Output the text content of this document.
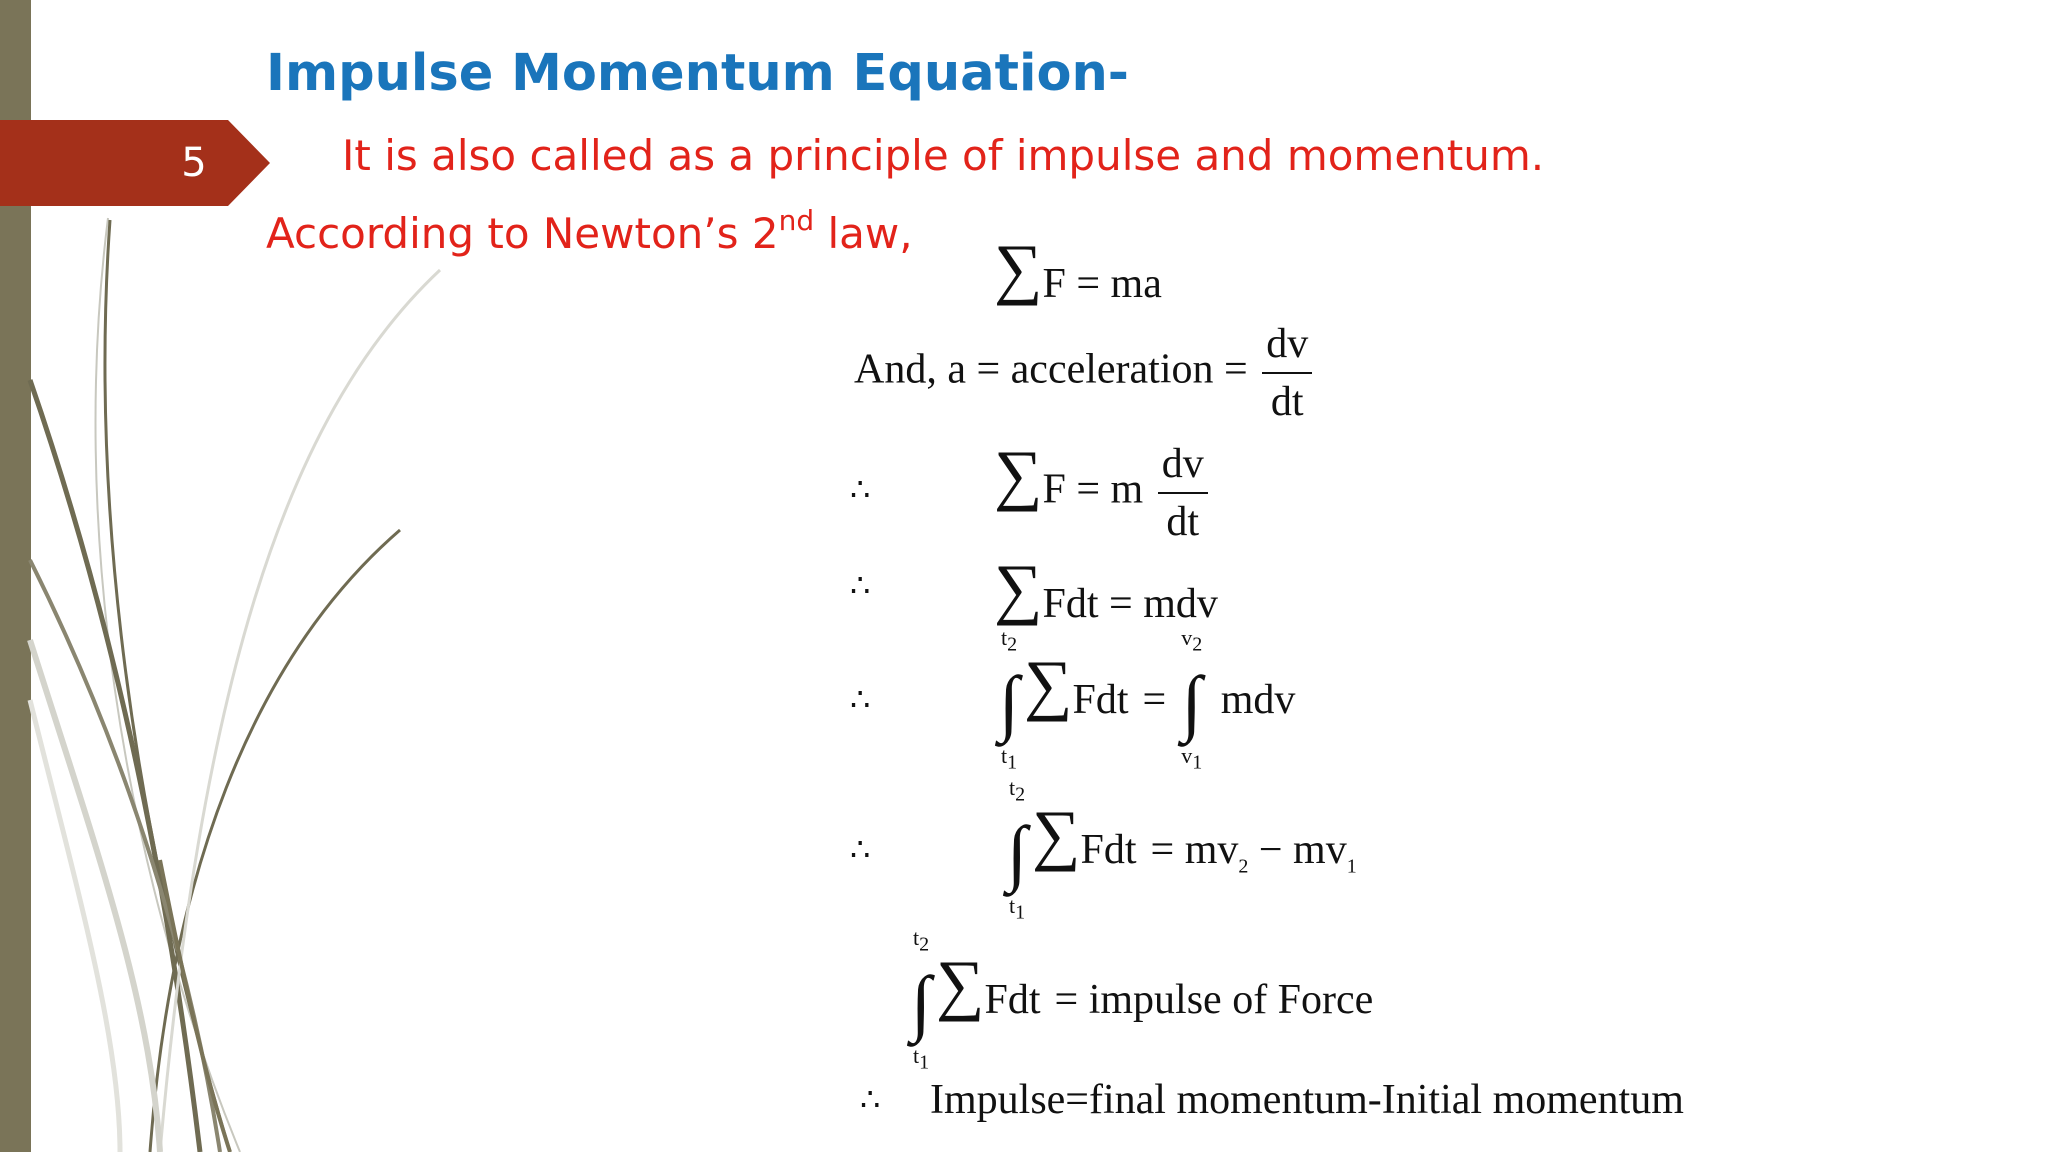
5
Impulse Momentum Equation-
It is also called as a principle of impulse and momentum.
According to Newton’s 2nd law, ∑F = ma
And, a = acceleration = $\frac{dv}{dt}$
∴ ∑F = m $\frac{dv}{dt}$
∴ ∑Fdt = mdv
∴
$t_2$
∫
$t_1$
∑Fdt =
$v_2$
∫
$v_1$
mdv
∴
$t_2$
∫
$t_1$
$\sum Fdt = mv_2 - mv_1$
$t_2$
∫
$t_1$
∑Fdt = impulse of Force
∴ Impulse=final momentum-Initial momentum
